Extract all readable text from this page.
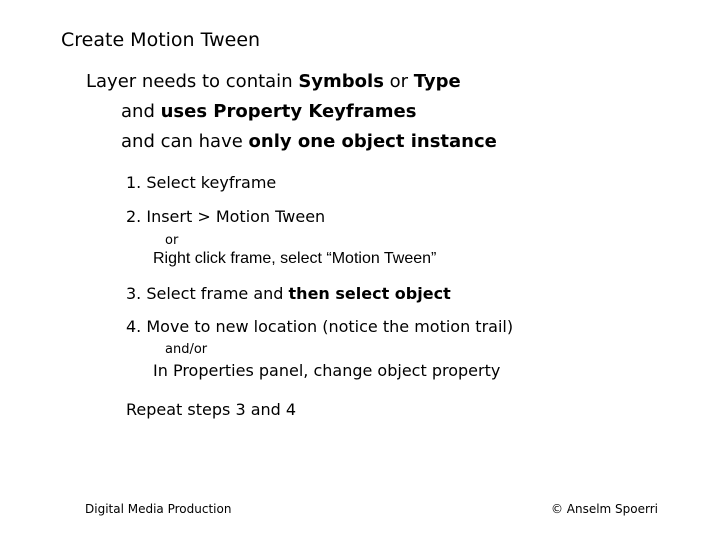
Create Motion Tween
Layer needs to contain Symbols or Type
and uses Property Keyframes
and can have only one object instance
1. Select keyframe
2. Insert > Motion Tween
or
Right click frame, select “Motion Tween”
3. Select frame and then select object
4. Move to new location (notice the motion trail)
and/or
In Properties panel, change object property
Repeat steps 3 and 4
Digital Media Production	© Anselm Spoerri
